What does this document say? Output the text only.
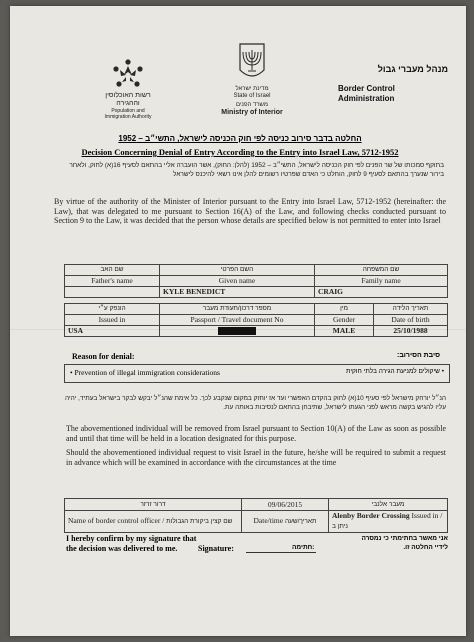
רשות האוכלוסין וההגירה
Population and Immigration Authority
מדינת ישראל
State of Israel
משרד הפנים
Ministry of Interior
מנהל מעברי גבול
Border Control
Administration
החלטה בדבר סירוב כניסה לפי חוק הכניסה לישראל, התשי״ב – 1952
Decision Concerning Denial of Entry According to the Entry into Israel Law, 5712-1952
בתוקף סמכותו של שר הפנים לפי חוק הכניסה לישראל, התשי״ב – 1952 (להלן: החוק), אשר הועברה אליי בהתאם לסעיף 16(א) לחוק, ולאחר בירור שנערך בהתאם לסעיף 9 לחוק, הוחלט כי האדם שפרטיו רשומים להלן אינו רשאי להיכנס לישראל
By virtue of the authority of the Minister of Interior pursuant to the Entry into Israel Law, 5712-1952 (hereinafter: the Law), that was delegated to me pursuant to Section 16(A) of the Law, and following checks conducted pursuant to Section 9 to the Law, it was decided that the person whose details are specified below is not permitted to enter into Israel
שם האב	השם הפרטי	שם המשפחה
Father's name	Given name	Family name
	KYLE BENEDICT	CRAIG
הונפק ע״י	מספר דרכון/תעודת מעבר	מין	תאריך הלידה
Issued in	Passport / Travel document No	Gender	Date of birth
USA		MALE	25/10/1988
Reason for denial:	סיבת הסירוב:
• Prevention of illegal immigration considerations	• שיקולים למניעת הגירה בלתי חוקית
הנ״ל יורחק מישראל לפי סעיף 10(א) לחוק בהקדם האפשרי ועד אז יוחזק במקום שנקבע לכך. כל אימת שהנ״ל יבקש לבקר בישראל בעתיד, יהיה עליו להגיש בקשה מראש לפני הגעתו לישראל, שתיבחן בהתאם לנסיבות באותה עת.
The abovementioned individual will be removed from Israel pursuant to Section 10(A) of the Law as soon as possible and until that time will be held in a location designated for this purpose.
Should the abovementioned individual request to visit Israel in the future, he/she will be required to submit a request in advance which will be examined in accordance with the circumstances at the time
דרור זרזר	09/06/2015	מעבר אלנבי
Name of border control officer / שם קצין ביקורת הגבולות	Date/time תאריך/שעה	Alenby Border Crossing Issued in / ניתן ב
I hereby confirm by my signature that
the decision was delivered to me.	Signature:	חתימה:
אני מאשר בחתימתי כי נמסרה
לידיי החלטה זו.
